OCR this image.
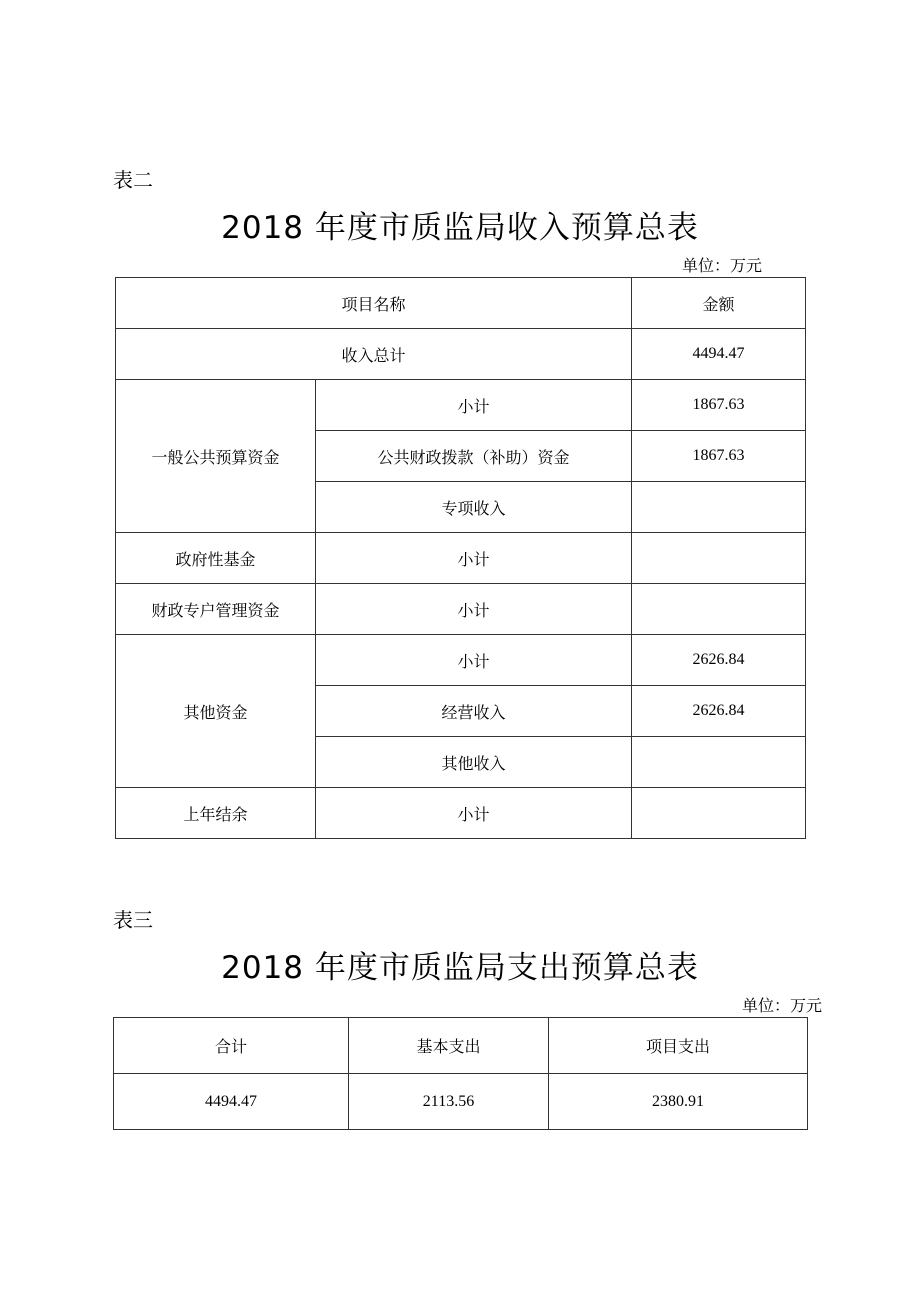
表二
2018 年度市质监局收入预算总表
单位：万元
项目名称		金额
收入总计		4494.47
一般公共预算资金	小计	1867.63
	公共财政拨款（补助）资金	1867.63
	专项收入	
政府性基金	小计	
财政专户管理资金	小计	
其他资金	小计	2626.84
	经营收入	2626.84
	其他收入	
上年结余	小计	
表三
2018 年度市质监局支出预算总表
单位：万元
合计	基本支出	项目支出
4494.47	2113.56	2380.91
